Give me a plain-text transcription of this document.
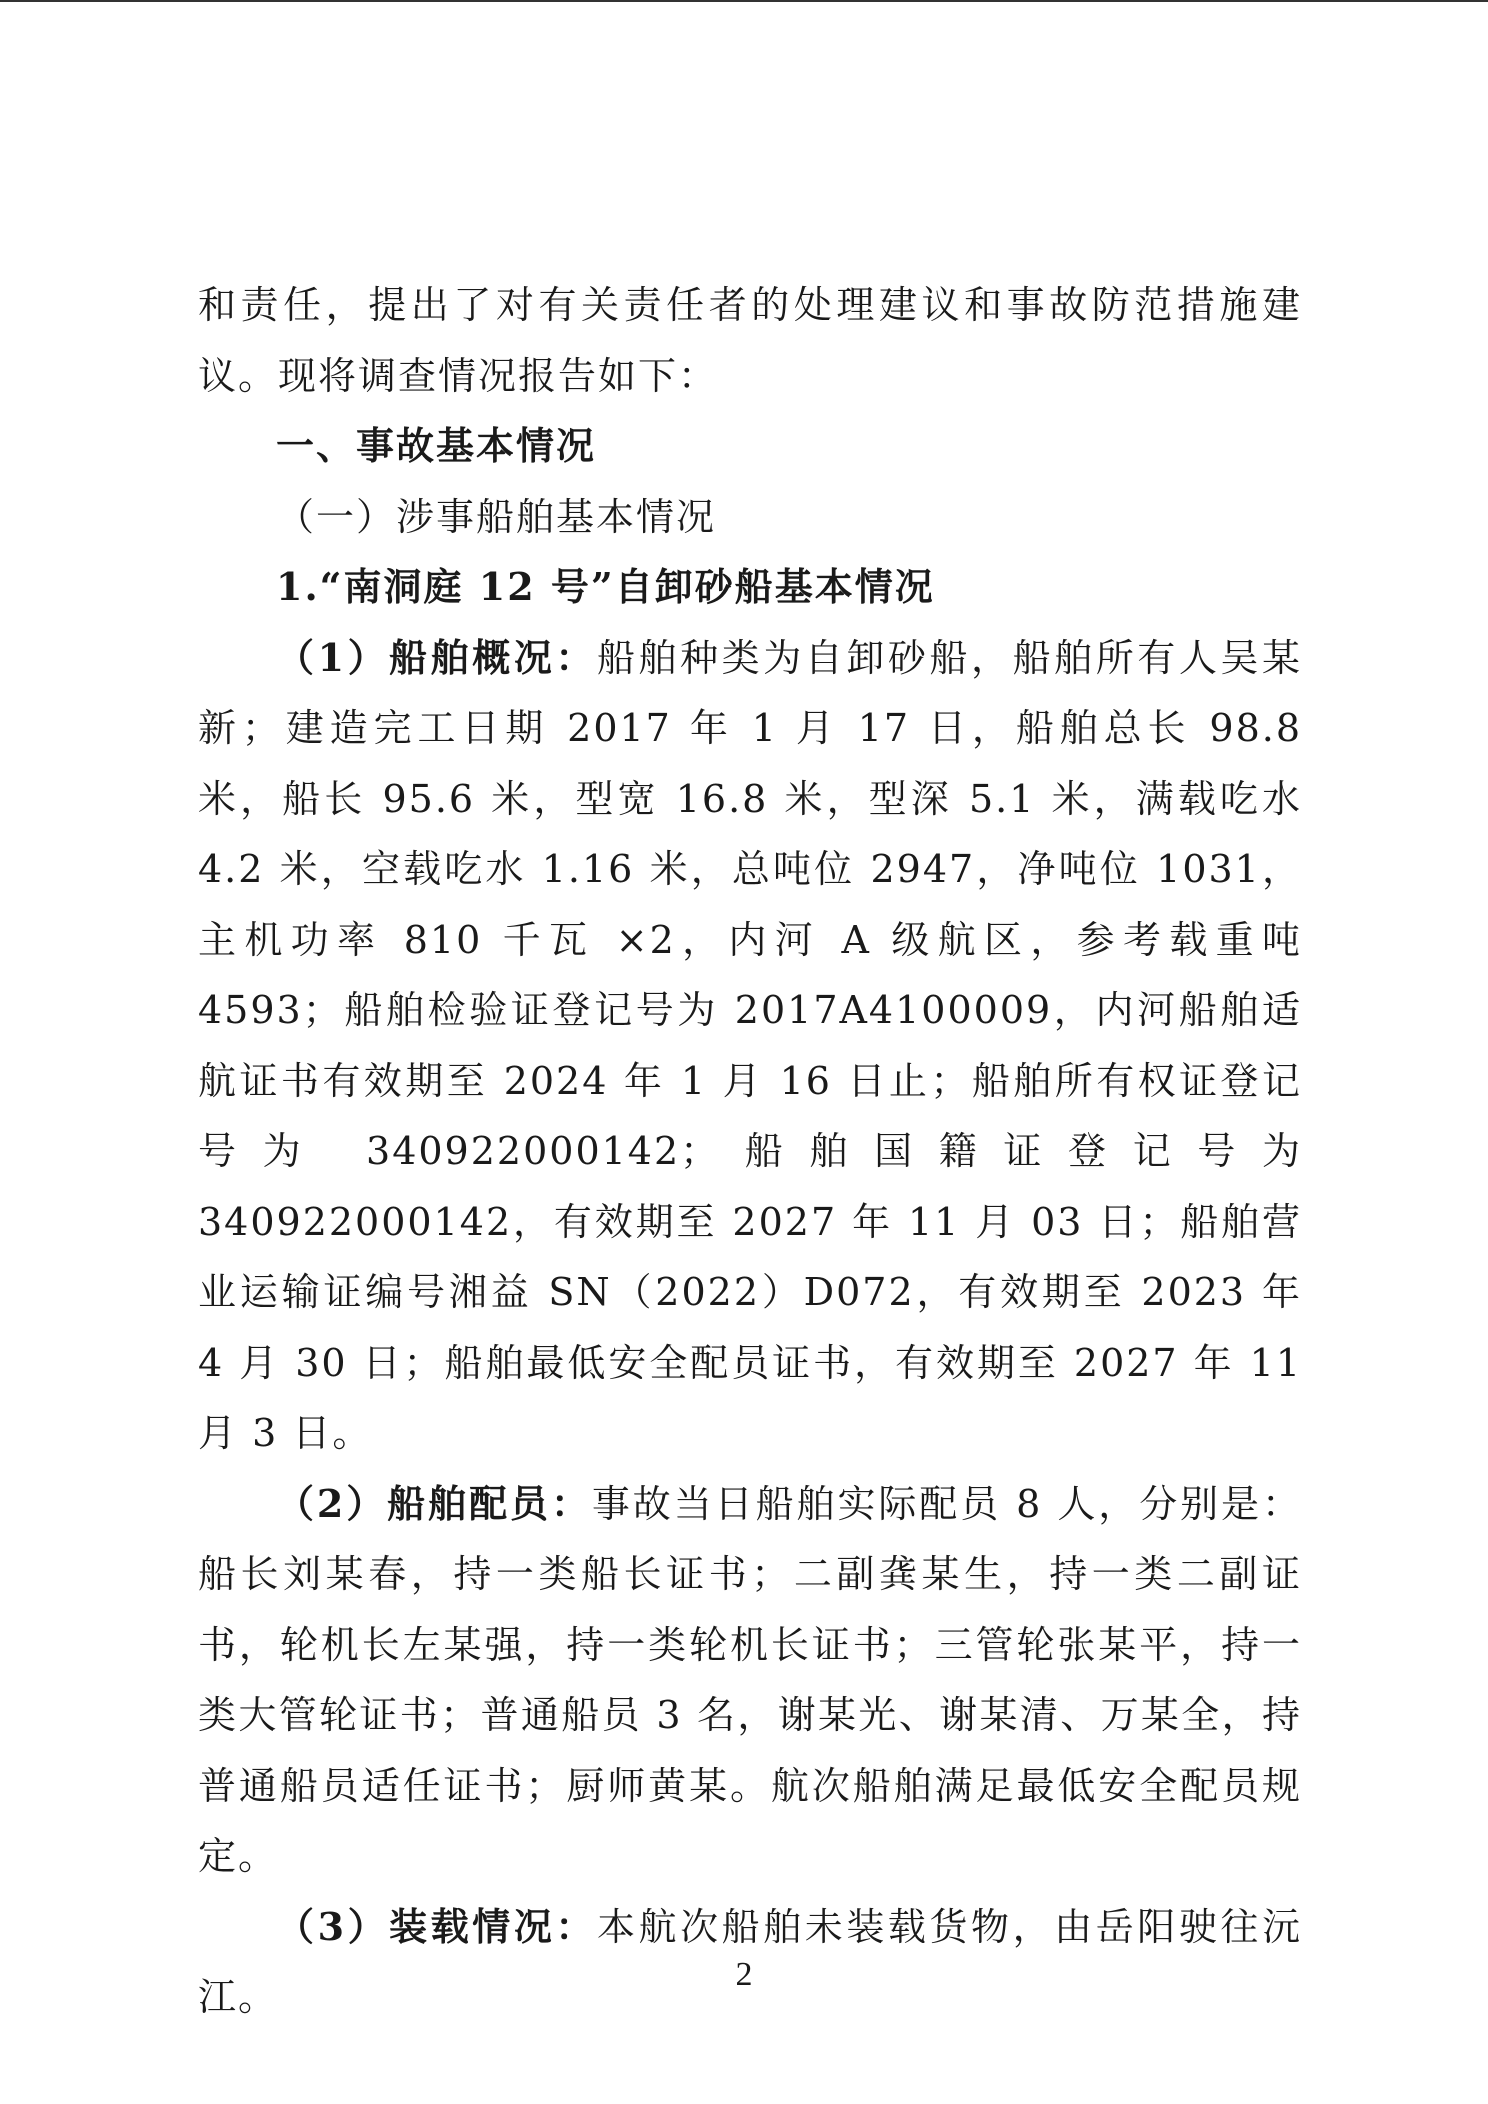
和责任，提出了对有关责任者的处理建议和事故防范措施建议。现将调查情况报告如下：

一、事故基本情况

（一）涉事船舶基本情况

1.“南洞庭 12 号”自卸砂船基本情况

（1）船舶概况：船舶种类为自卸砂船，船舶所有人吴某新；建造完工日期 2017 年 1 月 17 日，船舶总长 98.8 米，船长 95.6 米，型宽 16.8 米，型深 5.1 米，满载吃水 4.2 米，空载吃水 1.16 米，总吨位 2947，净吨位 1031，主机功率 810 千瓦 ×2，内河 A 级航区，参考载重吨 4593；船舶检验证登记号为 2017A4100009，内河船舶适航证书有效期至 2024 年 1 月 16 日止；船舶所有权证登记号为 340922000142；船舶国籍证登记号为 340922000142，有效期至 2027 年 11 月 03 日；船舶营业运输证编号湘益 SN（2022）D072，有效期至 2023 年 4 月 30 日；船舶最低安全配员证书，有效期至 2027 年 11 月 3 日。

（2）船舶配员：事故当日船舶实际配员 8 人，分别是：船长刘某春，持一类船长证书；二副龚某生，持一类二副证书，轮机长左某强，持一类轮机长证书；三管轮张某平，持一类大管轮证书；普通船员 3 名，谢某光、谢某清、万某全，持普通船员适任证书；厨师黄某。航次船舶满足最低安全配员规定。

（3）装载情况：本航次船舶未装载货物，由岳阳驶往沅江。

2
